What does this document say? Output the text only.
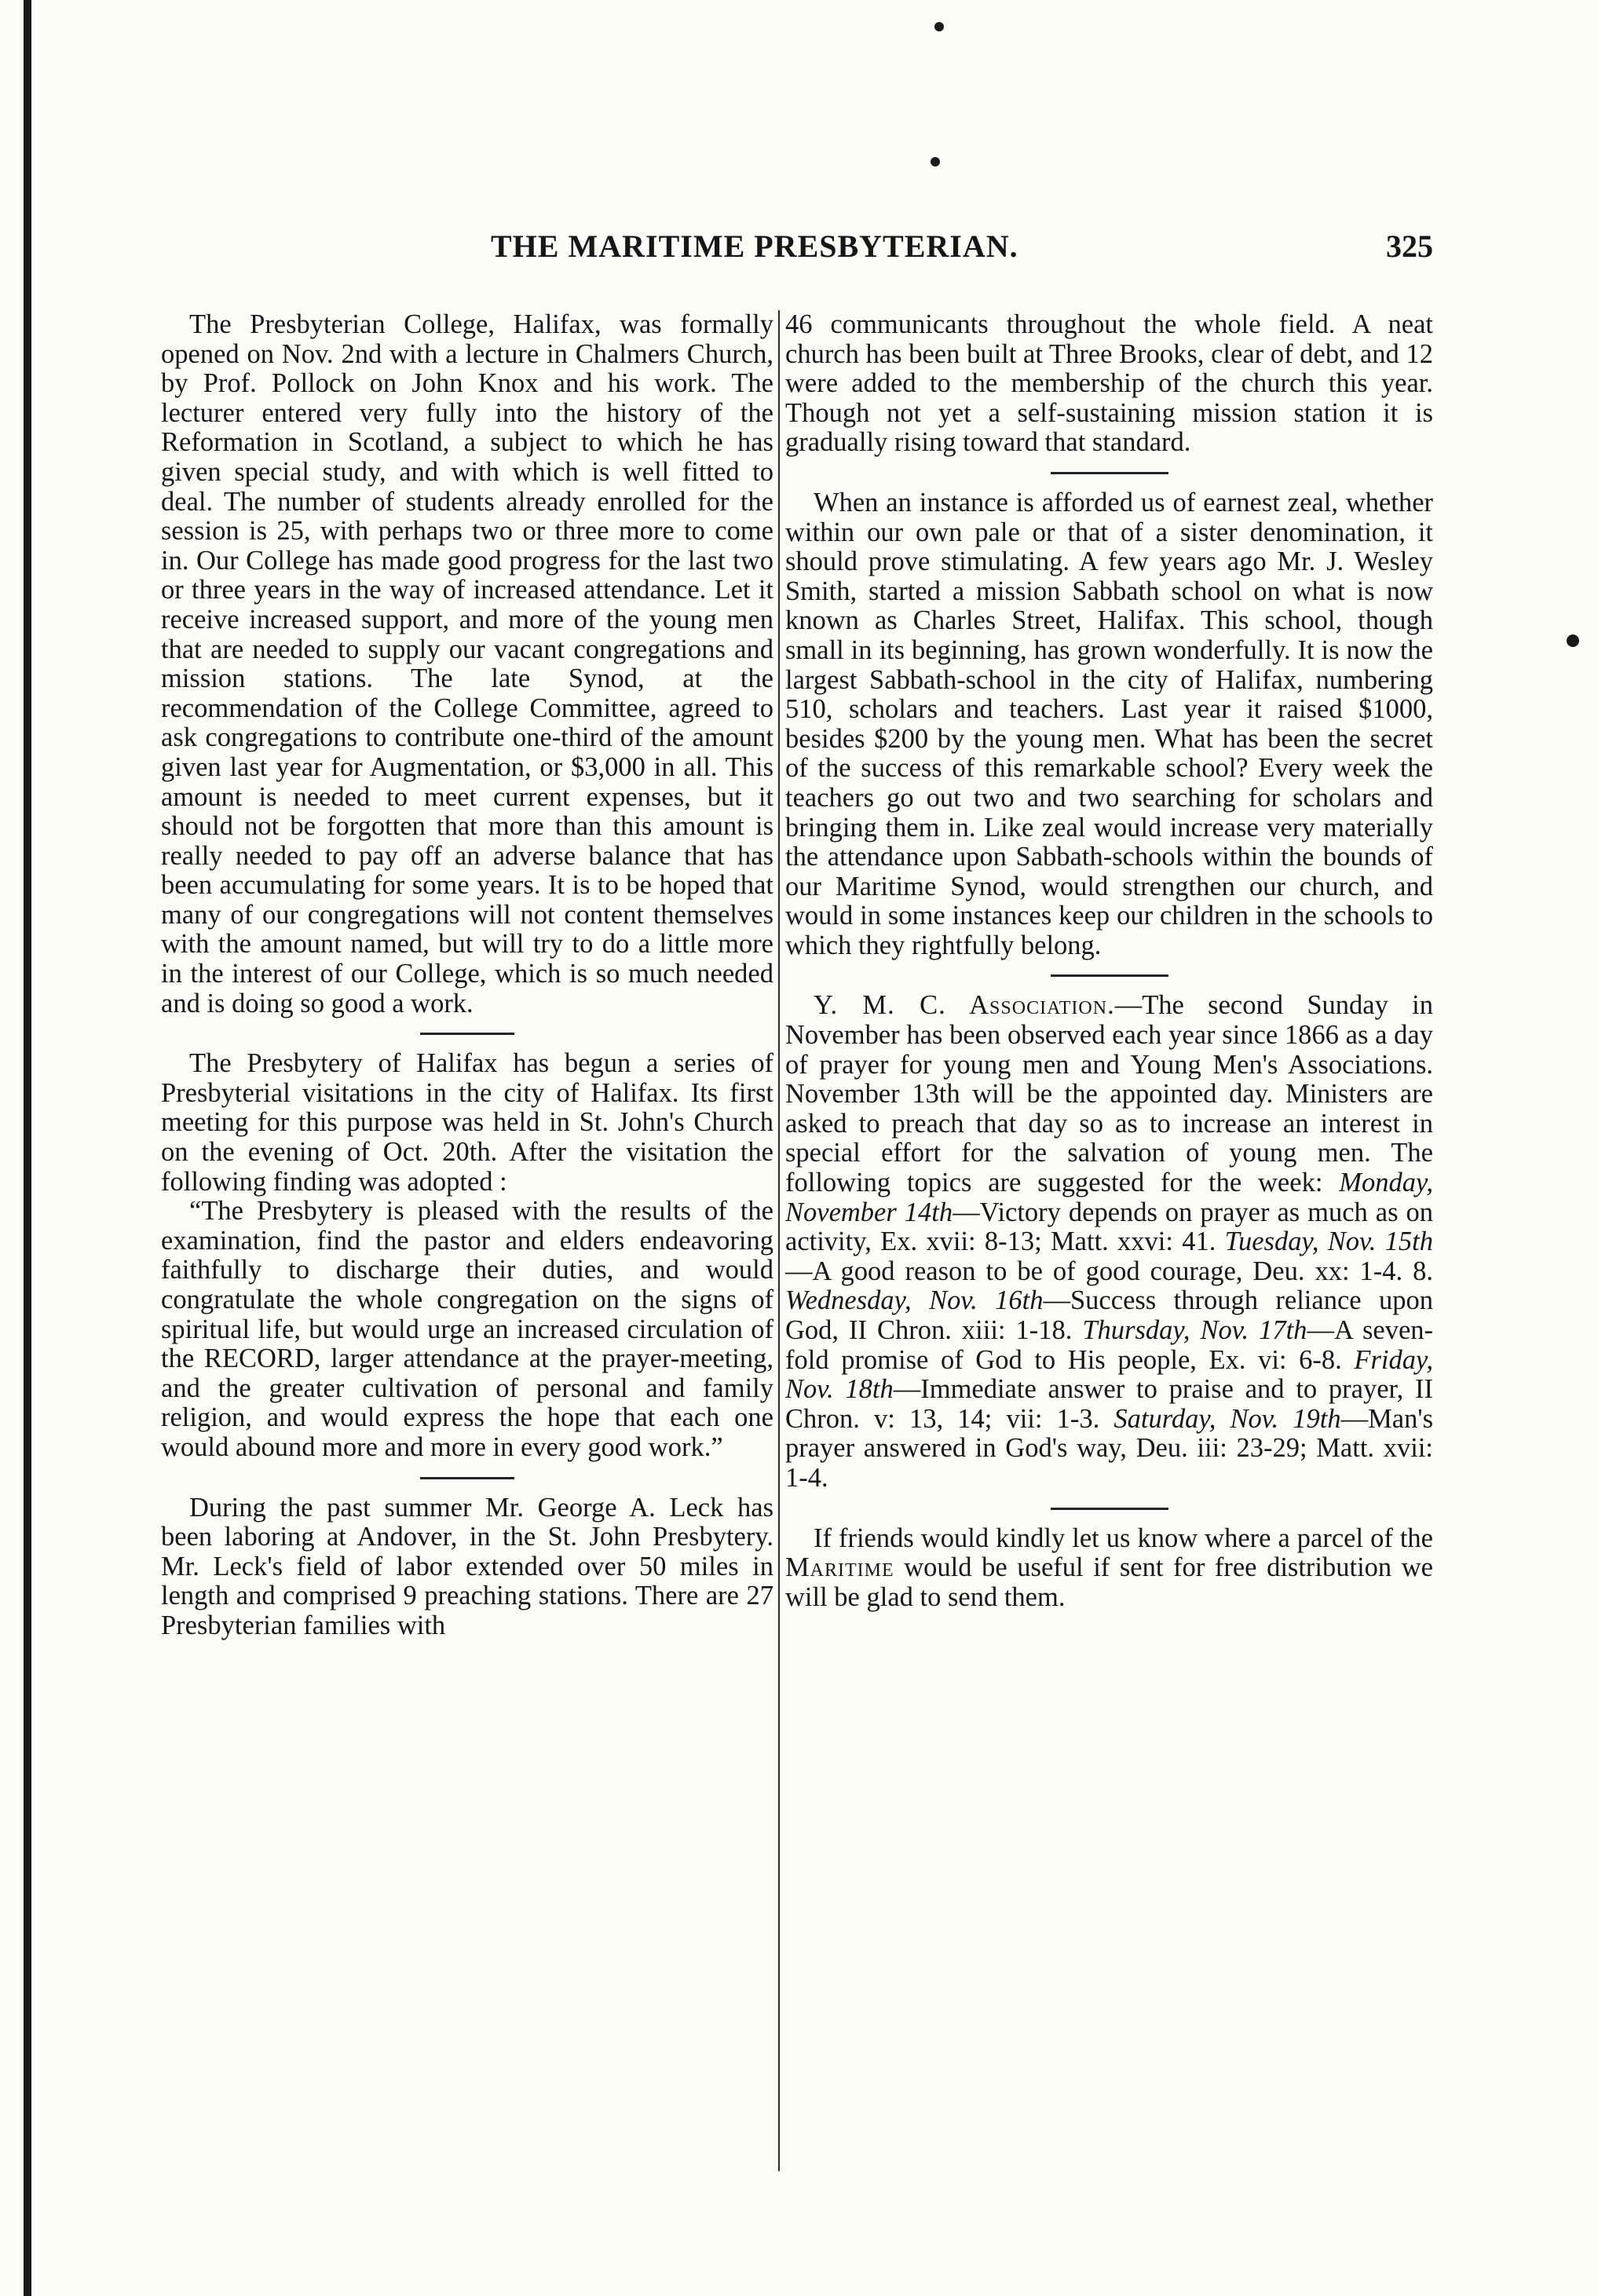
THE MARITIME PRESBYTERIAN.	325

The Presbyterian College, Halifax, was formally opened on Nov. 2nd with a lecture in Chalmers Church, by Prof. Pollock on John Knox and his work. The lecturer entered very fully into the history of the Reformation in Scotland, a subject to which he has given special study, and with which is well fitted to deal. The number of students already enrolled for the session is 25, with perhaps two or three more to come in. Our College has made good progress for the last two or three years in the way of increased attendance. Let it receive increased support, and more of the young men that are needed to supply our vacant congregations and mission stations. The late Synod, at the recommendation of the College Committee, agreed to ask congregations to contribute one-third of the amount given last year for Augmentation, or $3,000 in all. This amount is needed to meet current expenses, but it should not be forgotten that more than this amount is really needed to pay off an adverse balance that has been accumulating for some years. It is to be hoped that many of our congregations will not content themselves with the amount named, but will try to do a little more in the interest of our College, which is so much needed and is doing so good a work.

The Presbytery of Halifax has begun a series of Presbyterial visitations in the city of Halifax. Its first meeting for this purpose was held in St. John's Church on the evening of Oct. 20th. After the visitation the following finding was adopted :

“The Presbytery is pleased with the results of the examination, find the pastor and elders endeavoring faithfully to discharge their duties, and would congratulate the whole congregation on the signs of spiritual life, but would urge an increased circulation of the RECORD, larger attendance at the prayer-meeting, and the greater cultivation of personal and family religion, and would express the hope that each one would abound more and more in every good work.”

During the past summer Mr. George A. Leck has been laboring at Andover, in the St. John Presbytery. Mr. Leck's field of labor extended over 50 miles in length and comprised 9 preaching stations. There are 27 Presbyterian families with

46 communicants throughout the whole field. A neat church has been built at Three Brooks, clear of debt, and 12 were added to the membership of the church this year. Though not yet a self-sustaining mission station it is gradually rising toward that standard.

When an instance is afforded us of earnest zeal, whether within our own pale or that of a sister denomination, it should prove stimulating. A few years ago Mr. J. Wesley Smith, started a mission Sabbath school on what is now known as Charles Street, Halifax. This school, though small in its beginning, has grown wonderfully. It is now the largest Sabbath-school in the city of Halifax, numbering 510, scholars and teachers. Last year it raised $1000, besides $200 by the young men. What has been the secret of the success of this remarkable school? Every week the teachers go out two and two searching for scholars and bringing them in. Like zeal would increase very materially the attendance upon Sabbath-schools within the bounds of our Maritime Synod, would strengthen our church, and would in some instances keep our children in the schools to which they rightfully belong.

Y. M. C. Association.—The second Sunday in November has been observed each year since 1866 as a day of prayer for young men and Young Men's Associations. November 13th will be the appointed day. Ministers are asked to preach that day so as to increase an interest in special effort for the salvation of young men. The following topics are suggested for the week: Monday, November 14th—Victory depends on prayer as much as on activity, Ex. xvii: 8-13; Matt. xxvi: 41. Tuesday, Nov. 15th—A good reason to be of good courage, Deu. xx: 1-4. 8. Wednesday, Nov. 16th—Success through reliance upon God, II Chron. xiii: 1-18. Thursday, Nov. 17th—A seven-fold promise of God to His people, Ex. vi: 6-8. Friday, Nov. 18th—Immediate answer to praise and to prayer, II Chron. v: 13, 14; vii: 1-3. Saturday, Nov. 19th—Man's prayer answered in God's way, Deu. iii: 23-29; Matt. xvii: 1-4.

If friends would kindly let us know where a parcel of the Maritime would be useful if sent for free distribution we will be glad to send them.
